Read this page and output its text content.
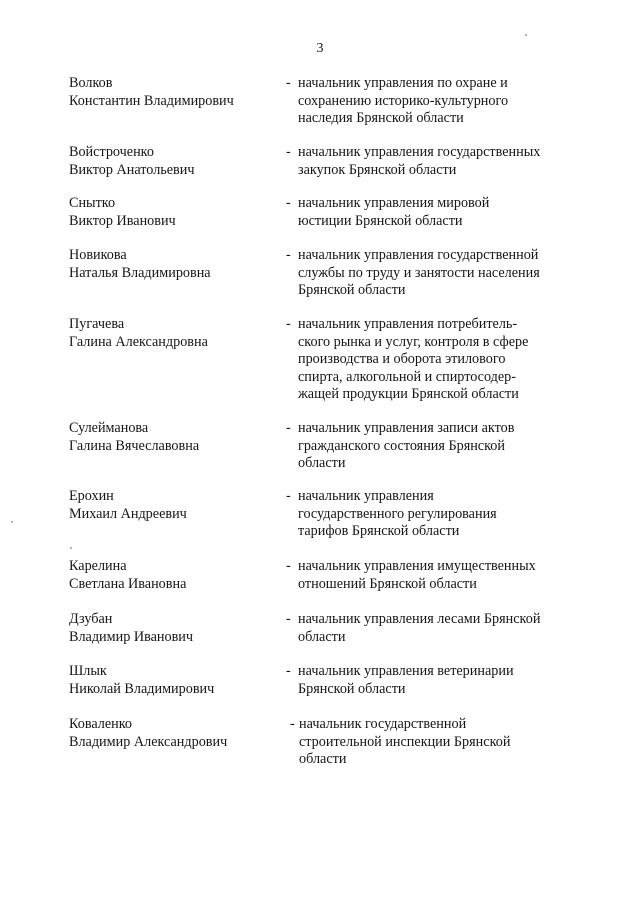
3
Волков
Константин Владимирович
- начальник управления по охране и
сохранению историко-культурного
наследия Брянской области
Войстроченко
Виктор Анатольевич
- начальник управления государственных
закупок Брянской области
Снытко
Виктор Иванович
- начальник управления мировой
юстиции Брянской области
Новикова
Наталья Владимировна
- начальник управления государственной
службы по труду и занятости населения
Брянской области
Пугачева
Галина Александровна
- начальник управления потребитель-
ского рынка и услуг, контроля в сфере
производства и оборота этилового
спирта, алкогольной и спиртосодер-
жащей продукции Брянской области
Сулейманова
Галина Вячеславовна
- начальник управления записи актов
гражданского состояния Брянской
области
Ерохин
Михаил Андреевич
- начальник управления
государственного регулирования
тарифов Брянской области
Карелина
Светлана Ивановна
- начальник управления имущественных
отношений Брянской области
Дзубан
Владимир Иванович
- начальник управления лесами Брянской
области
Шлык
Николай Владимирович
- начальник управления ветеринарии
Брянской области
Коваленко
Владимир Александрович
- начальник государственной
строительной инспекции Брянской
области
